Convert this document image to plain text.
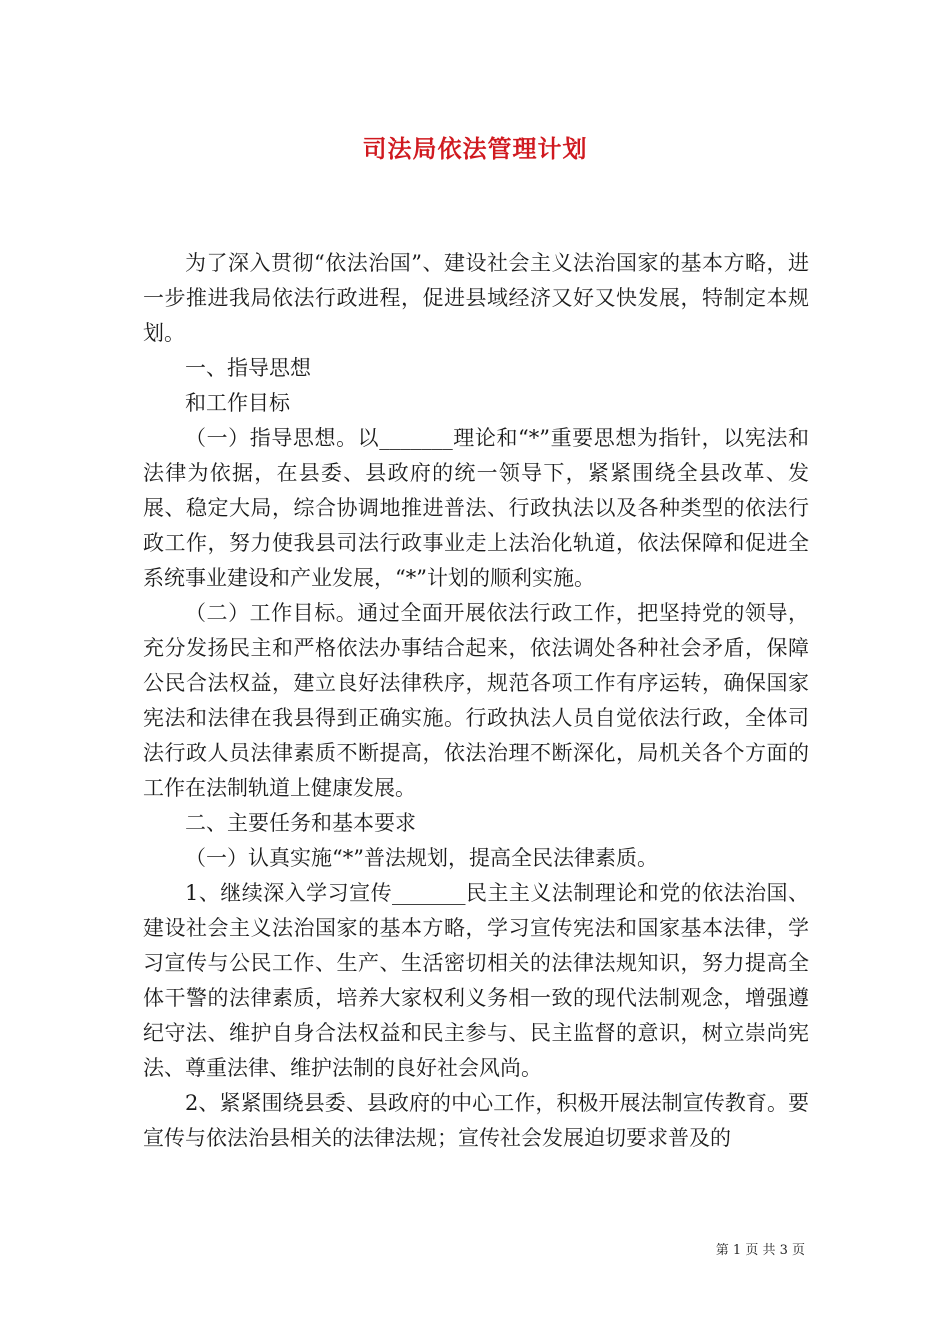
司法局依法管理计划

为了深入贯彻“依法治国”、建设社会主义法治国家的基本方略，进一步推进我局依法行政进程，促进县域经济又好又快发展，特制定本规划。

一、指导思想

和工作目标

（一）指导思想。以_______理论和“*”重要思想为指针，以宪法和法律为依据，在县委、县政府的统一领导下，紧紧围绕全县改革、发展、稳定大局，综合协调地推进普法、行政执法以及各种类型的依法行政工作，努力使我县司法行政事业走上法治化轨道，依法保障和促进全系统事业建设和产业发展，“*”计划的顺利实施。

（二）工作目标。通过全面开展依法行政工作，把坚持党的领导，充分发扬民主和严格依法办事结合起来，依法调处各种社会矛盾，保障公民合法权益，建立良好法律秩序，规范各项工作有序运转，确保国家宪法和法律在我县得到正确实施。行政执法人员自觉依法行政，全体司法行政人员法律素质不断提高，依法治理不断深化，局机关各个方面的工作在法制轨道上健康发展。

二、主要任务和基本要求

（一）认真实施“*”普法规划，提高全民法律素质。

1、继续深入学习宣传_______民主主义法制理论和党的依法治国、建设社会主义法治国家的基本方略，学习宣传宪法和国家基本法律，学习宣传与公民工作、生产、生活密切相关的法律法规知识，努力提高全体干警的法律素质，培养大家权利义务相一致的现代法制观念，增强遵纪守法、维护自身合法权益和民主参与、民主监督的意识，树立崇尚宪法、尊重法律、维护法制的良好社会风尚。

2、紧紧围绕县委、县政府的中心工作，积极开展法制宣传教育。要宣传与依法治县相关的法律法规；宣传社会发展迫切要求普及的

第 1 页 共 3 页
